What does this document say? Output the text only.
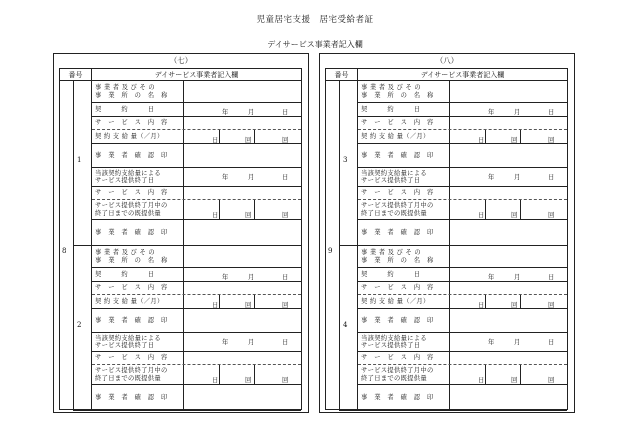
児童居宅支援　居宅受給者証
デイサービス事業者記入欄
（七）
番号	デイサービス事業者記入欄
8
1
事 業 者 及 び そ の
事　業　所　の　名　称
契　　　約　　　日	年	月	日
サ　ー　ビ　ス　内　容
契 約 支 給 量（／月）
日	回	回
事　業　者　確　認　印
当該契約支給量による
サービス提供終了日	年	月	日
サ　ー　ビ　ス　内　容
サービス提供終了月中の
終了日までの既提供量	日	回	回
事　業　者　確　認　印
2
事 業 者 及 び そ の
事　業　所　の　名　称
契　　　約　　　日	年	月	日
サ　ー　ビ　ス　内　容
契 約 支 給 量（／月）
日	回	回
事　業　者　確　認　印
当該契約支給量による
サービス提供終了日	年	月	日
サ　ー　ビ　ス　内　容
サービス提供終了月中の
終了日までの既提供量	日	回	回
事　業　者　確　認　印
（八）
番号	デイサービス事業者記入欄
9
3
事 業 者 及 び そ の
事　業　所　の　名　称
契　　　約　　　日	年	月	日
サ　ー　ビ　ス　内　容
契 約 支 給 量（／月）
日	回	回
事　業　者　確　認　印
当該契約支給量による
サービス提供終了日	年	月	日
サ　ー　ビ　ス　内　容
サービス提供終了月中の
終了日までの既提供量	日	回	回
事　業　者　確　認　印
4
事 業 者 及 び そ の
事　業　所　の　名　称
契　　　約　　　日	年	月	日
サ　ー　ビ　ス　内　容
契 約 支 給 量（／月）
日	回	回
事　業　者　確　認　印
当該契約支給量による
サービス提供終了日	年	月	日
サ　ー　ビ　ス　内　容
サービス提供終了月中の
終了日までの既提供量	日	回	回
事　業　者　確　認　印
